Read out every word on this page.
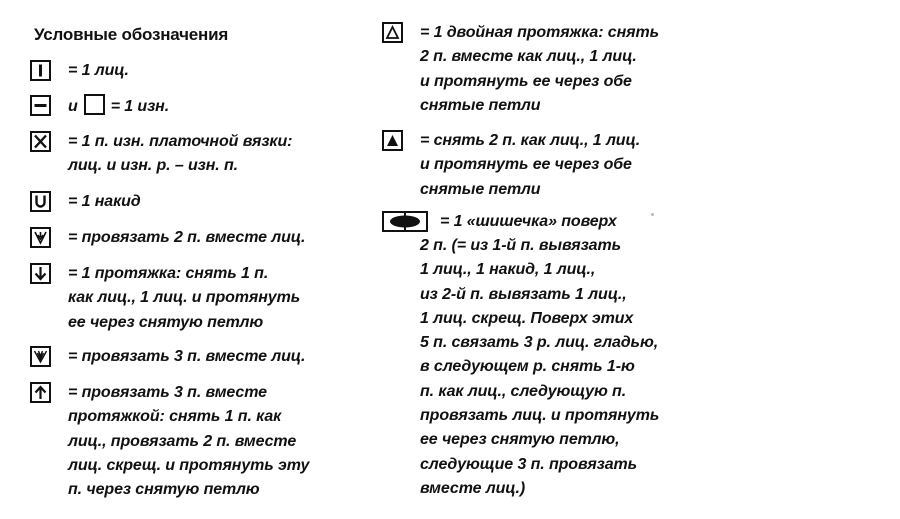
Условные обозначения
= 1 лиц.
и = 1 изн.
= 1 п. изн. платочной вязки:
лиц. и изн. р. – изн. п.
= 1 накид
= провязать 2 п. вместе лиц.
= 1 протяжка: снять 1 п.
как лиц., 1 лиц. и протянуть
ее через снятую петлю
= провязать 3 п. вместе лиц.
= провязать 3 п. вместе
протяжкой: снять 1 п. как
лиц., провязать 2 п. вместе
лиц. скрещ. и протянуть эту
п. через снятую петлю
= 1 двойная протяжка: снять
2 п. вместе как лиц., 1 лиц.
и протянуть ее через обе
снятые петли
= снять 2 п. как лиц., 1 лиц.
и протянуть ее через обе
снятые петли
= 1 «шишечка» поверх
2 п. (= из 1-й п. вывязать
1 лиц., 1 накид, 1 лиц.,
из 2-й п. вывязать 1 лиц.,
1 лиц. скрещ. Поверх этих
5 п. связать 3 р. лиц. гладью,
в следующем р. снять 1-ю
п. как лиц., следующую п.
провязать лиц. и протянуть
ее через снятую петлю,
следующие 3 п. провязать
вместе лиц.)
